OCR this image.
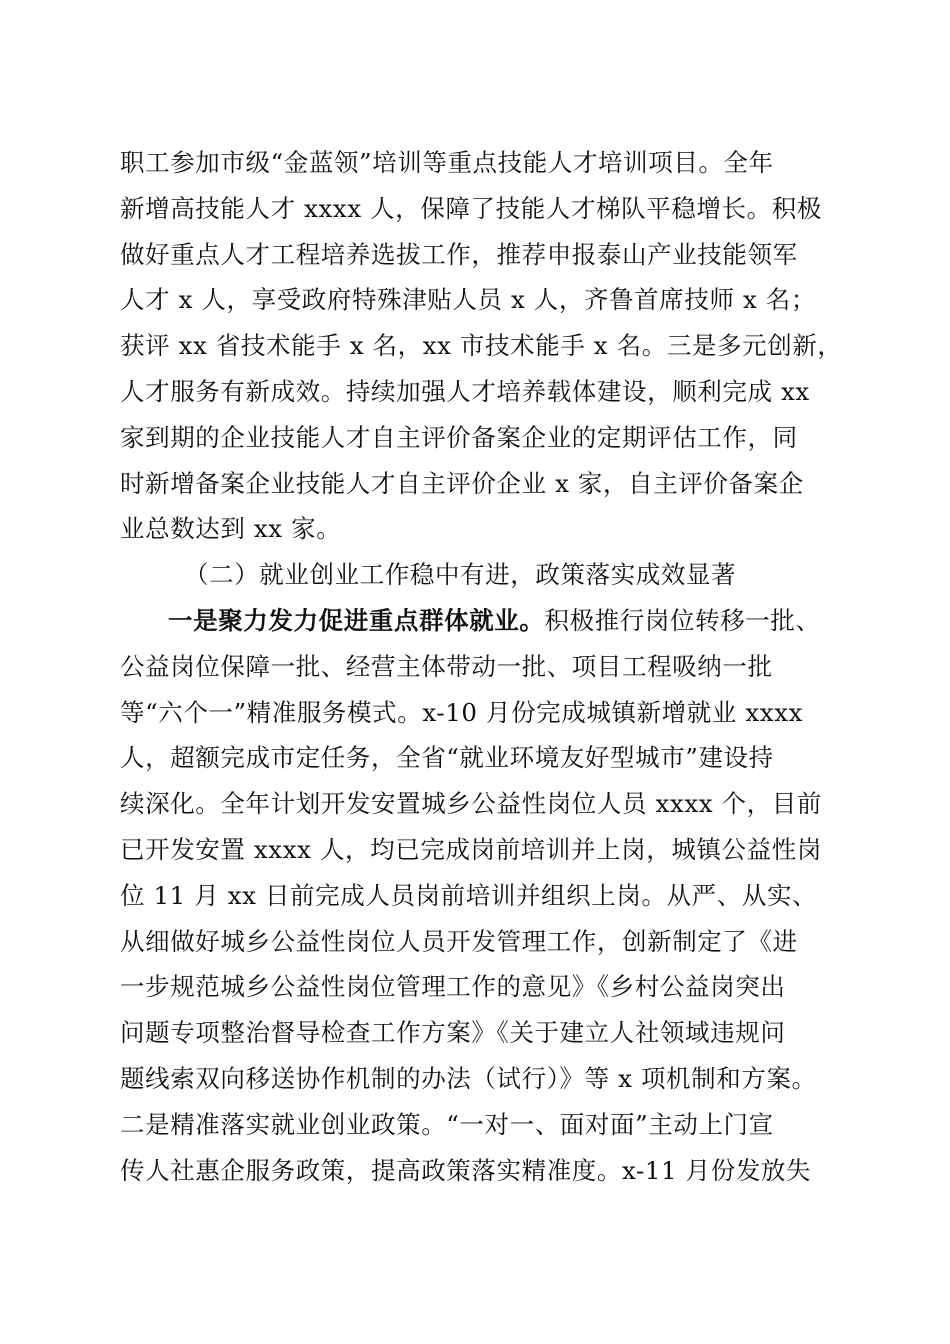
职工参加市级“金蓝领”培训等重点技能人才培训项目。全年
新增高技能人才 xxxx 人，保障了技能人才梯队平稳增长。积极
做好重点人才工程培养选拔工作，推荐申报泰山产业技能领军
人才 x 人，享受政府特殊津贴人员 x 人，齐鲁首席技师 x 名；
获评 xx 省技术能手 x 名，xx 市技术能手 x 名。三是多元创新，
人才服务有新成效。持续加强人才培养载体建设，顺利完成 xx
家到期的企业技能人才自主评价备案企业的定期评估工作，同
时新增备案企业技能人才自主评价企业 x 家，自主评价备案企
业总数达到 xx 家。
（二）就业创业工作稳中有进，政策落实成效显著
一是聚力发力促进重点群体就业。积极推行岗位转移一批、
公益岗位保障一批、经营主体带动一批、项目工程吸纳一批
等“六个一”精准服务模式。x-10 月份完成城镇新增就业 xxxx
人，超额完成市定任务，全省“就业环境友好型城市”建设持
续深化。全年计划开发安置城乡公益性岗位人员 xxxx 个，目前
已开发安置 xxxx 人，均已完成岗前培训并上岗，城镇公益性岗
位 11 月 xx 日前完成人员岗前培训并组织上岗。从严、从实、
从细做好城乡公益性岗位人员开发管理工作，创新制定了《进
一步规范城乡公益性岗位管理工作的意见》《乡村公益岗突出
问题专项整治督导检查工作方案》《关于建立人社领域违规问
题线索双向移送协作机制的办法（试行）》等 x 项机制和方案。
二是精准落实就业创业政策。“一对一、面对面”主动上门宣
传人社惠企服务政策，提高政策落实精准度。x-11 月份发放失
